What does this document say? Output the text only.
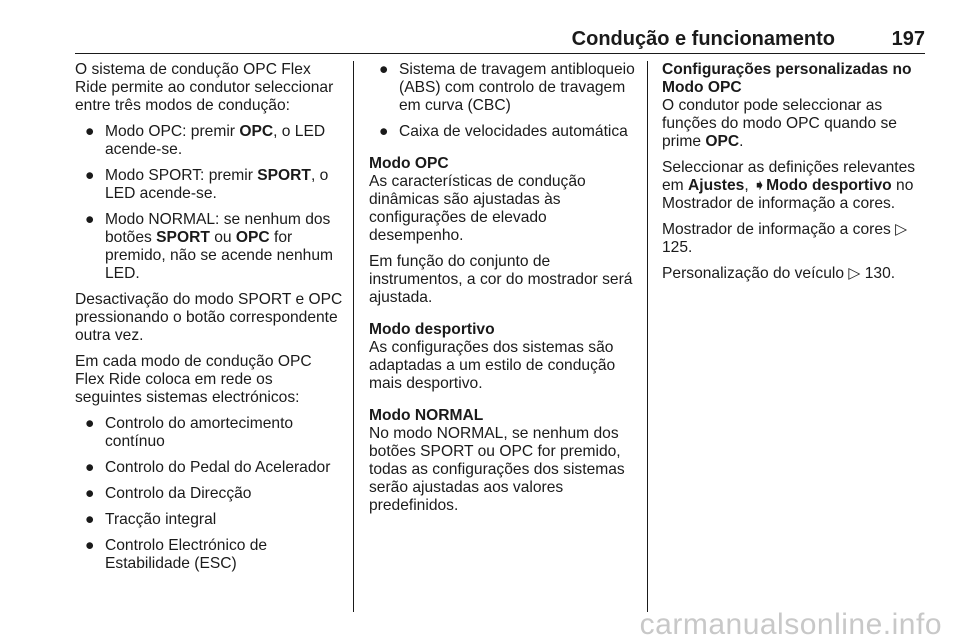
Condução e funcionamento	197

O sistema de condução OPC Flex Ride permite ao condutor seleccionar entre três modos de condução:

● Modo OPC: premir OPC, o LED acende-se.
● Modo SPORT: premir SPORT, o LED acende-se.
● Modo NORMAL: se nenhum dos botões SPORT ou OPC for premido, não se acende nenhum LED.

Desactivação do modo SPORT e OPC pressionando o botão correspondente outra vez.

Em cada modo de condução OPC Flex Ride coloca em rede os seguintes sistemas electrónicos:

● Controlo do amortecimento contínuo
● Controlo do Pedal do Acelerador
● Controlo da Direcção
● Tracção integral
● Controlo Electrónico de Estabilidade (ESC)
● Sistema de travagem antibloqueio (ABS) com controlo de travagem em curva (CBC)
● Caixa de velocidades automática

Modo OPC

As características de condução dinâmicas são ajustadas às configurações de elevado desempenho.

Em função do conjunto de instrumentos, a cor do mostrador será ajustada.

Modo desportivo

As configurações dos sistemas são adaptadas a um estilo de condução mais desportivo.

Modo NORMAL

No modo NORMAL, se nenhum dos botões SPORT ou OPC for premido, todas as configurações dos sistemas serão ajustadas aos valores predefinidos.

Configurações personalizadas no Modo OPC

O condutor pode seleccionar as funções do modo OPC quando se prime OPC.

Seleccionar as definições relevantes em Ajustes, ➧Modo desportivo no Mostrador de informação a cores.

Mostrador de informação a cores ▷ 125.

Personalização do veículo ▷ 130.

carmanualsonline.info
